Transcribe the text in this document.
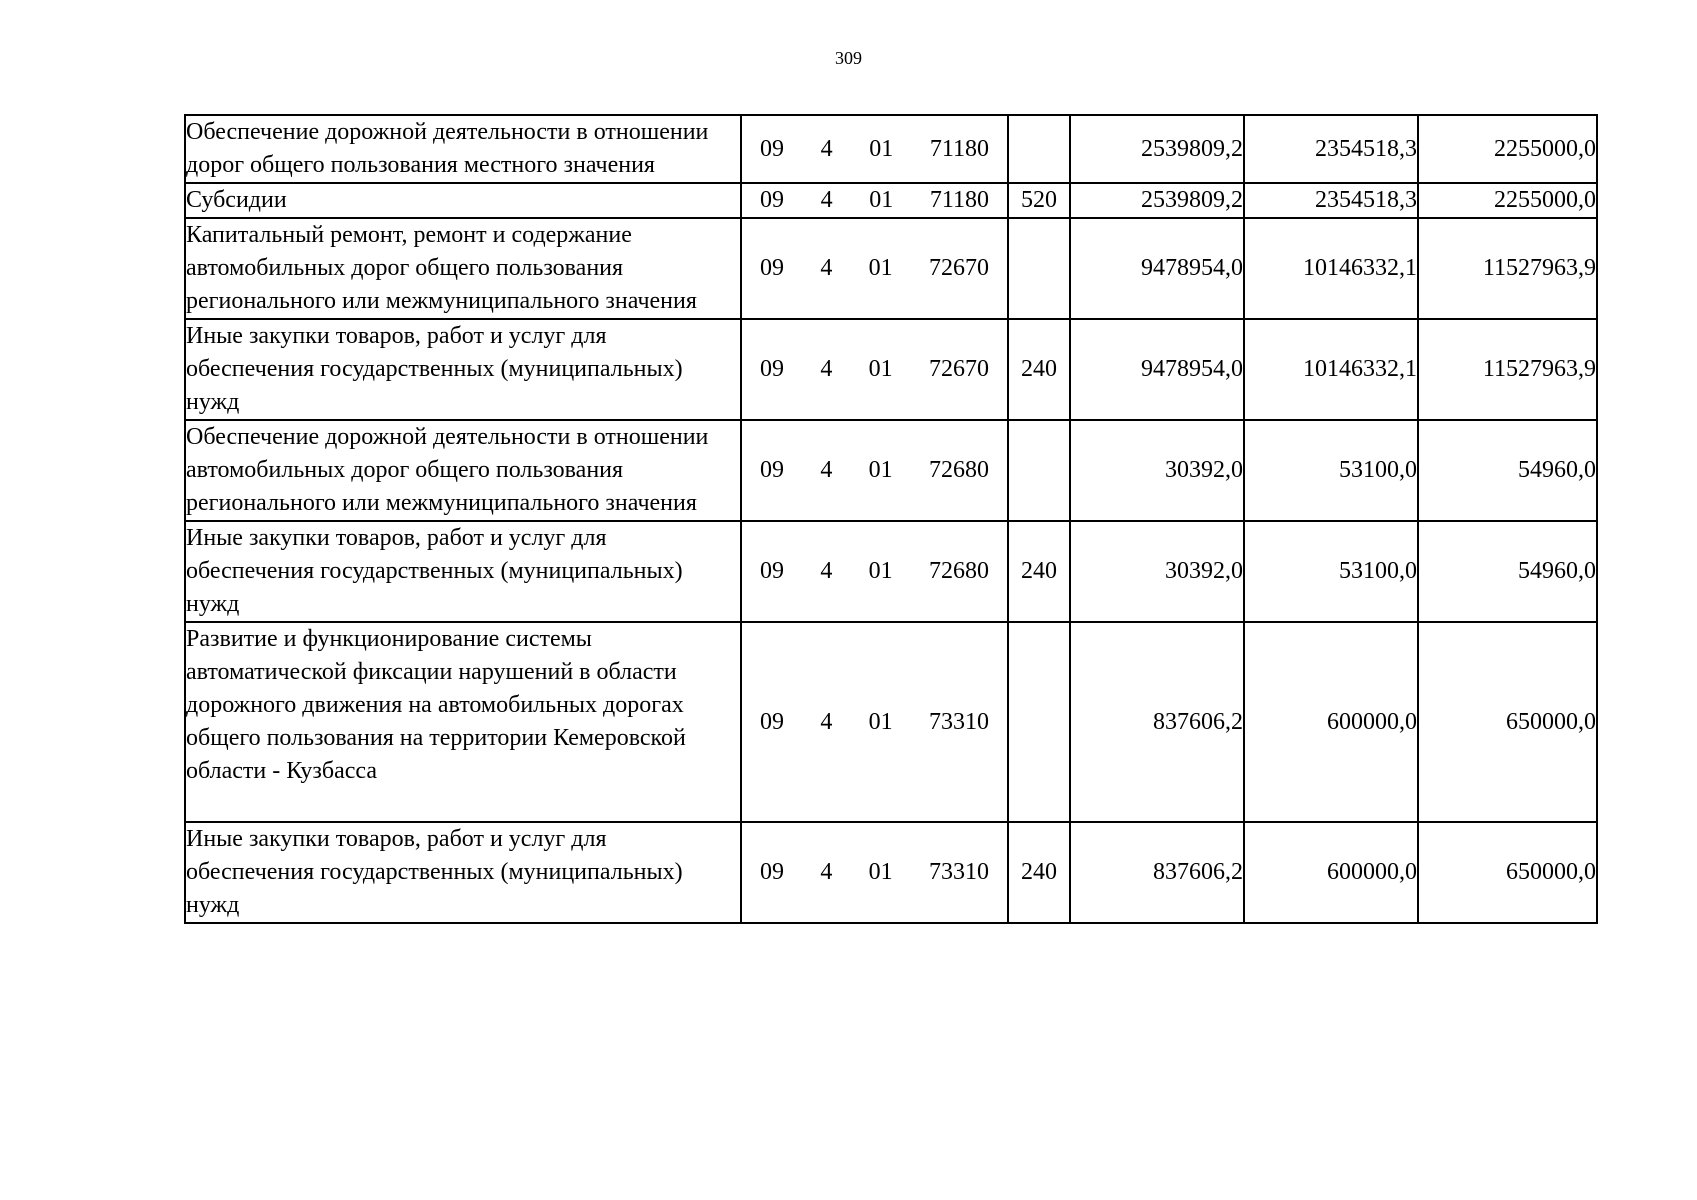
309
Обеспечение дорожной деятельности в отношении дорог общего пользования местного значения	09 4 01 71180		2539809,2	2354518,3	2255000,0
Субсидии	09 4 01 71180	520	2539809,2	2354518,3	2255000,0
Капитальный ремонт, ремонт и содержание автомобильных дорог общего пользования регионального или межмуниципального значения	09 4 01 72670		9478954,0	10146332,1	11527963,9
Иные закупки товаров, работ и услуг для обеспечения государственных (муниципальных) нужд	09 4 01 72670	240	9478954,0	10146332,1	11527963,9
Обеспечение дорожной деятельности в отношении автомобильных дорог общего пользования регионального или межмуниципального значения	09 4 01 72680		30392,0	53100,0	54960,0
Иные закупки товаров, работ и услуг для обеспечения государственных (муниципальных) нужд	09 4 01 72680	240	30392,0	53100,0	54960,0
Развитие и функционирование системы автоматической фиксации нарушений в области дорожного движения на автомобильных дорогах общего пользования на территории Кемеровской области - Кузбасса	09 4 01 73310		837606,2	600000,0	650000,0
Иные закупки товаров, работ и услуг для обеспечения государственных (муниципальных) нужд	09 4 01 73310	240	837606,2	600000,0	650000,0
